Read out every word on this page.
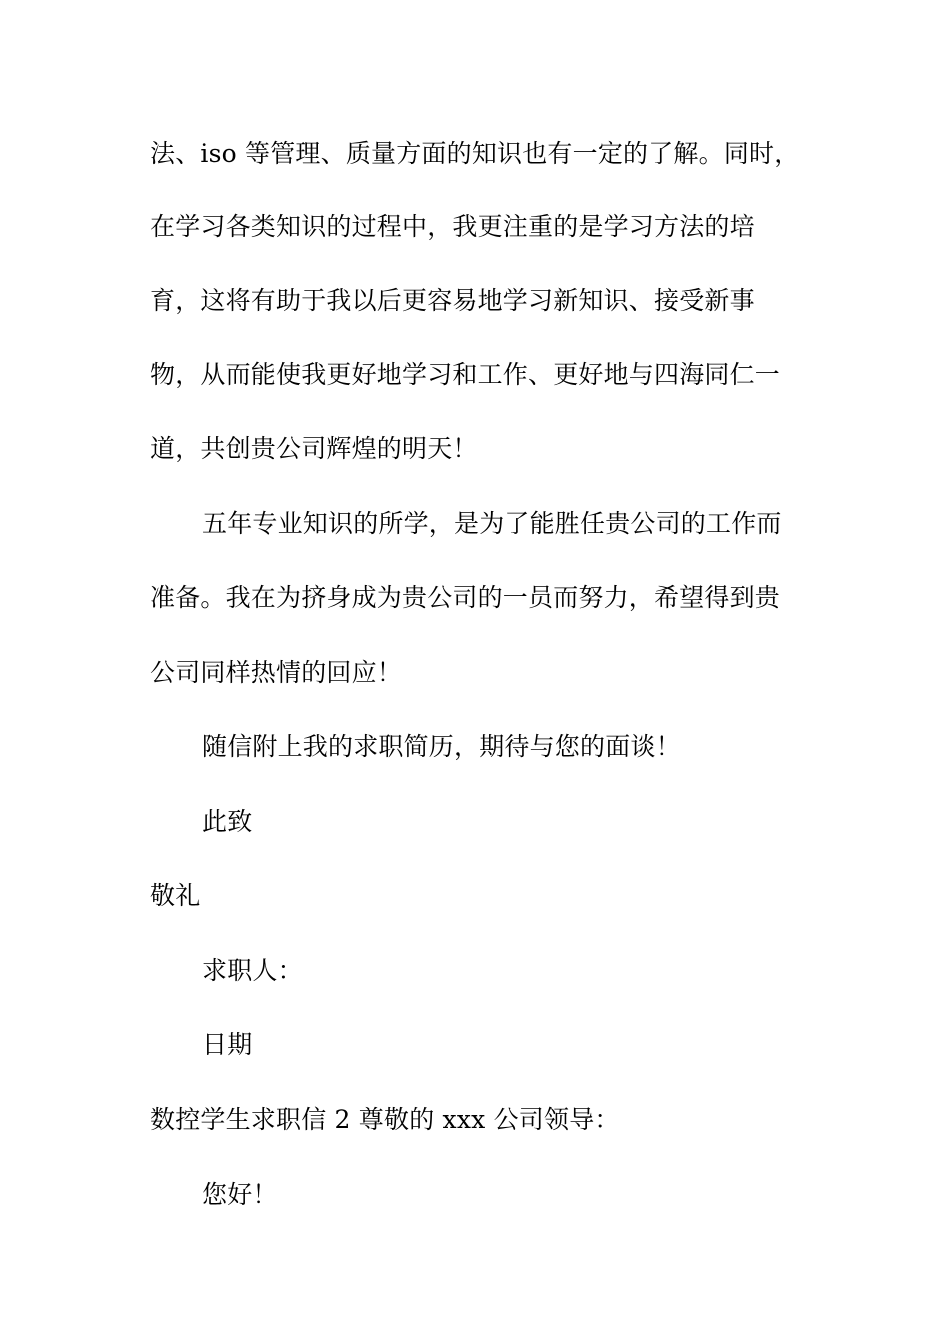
法、iso 等管理、质量方面的知识也有一定的了解。同时，
在学习各类知识的过程中，我更注重的是学习方法的培
育，这将有助于我以后更容易地学习新知识、接受新事
物，从而能使我更好地学习和工作、更好地与四海同仁一
道，共创贵公司辉煌的明天！
五年专业知识的所学，是为了能胜任贵公司的工作而
准备。我在为挤身成为贵公司的一员而努力，希望得到贵
公司同样热情的回应！
随信附上我的求职简历，期待与您的面谈！
此致
敬礼
求职人：
日期
数控学生求职信 2 尊敬的 xxx 公司领导：
您好！
